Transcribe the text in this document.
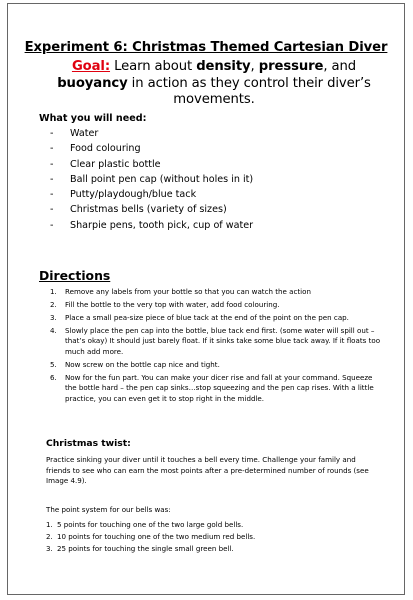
Experiment 6: Christmas Themed Cartesian Diver
Goal: Learn about density, pressure, and buoyancy in action as they control their diver’s movements.
What you will need:
- Water
- Food colouring
- Clear plastic bottle
- Ball point pen cap (without holes in it)
- Putty/playdough/blue tack
- Christmas bells (variety of sizes)
- Sharpie pens, tooth pick, cup of water
Directions
1. Remove any labels from your bottle so that you can watch the action
2. Fill the bottle to the very top with water, add food colouring.
3. Place a small pea-size piece of blue tack at the end of the point on the pen cap.
4. Slowly place the pen cap into the bottle, blue tack end first. (some water will spill out – that’s okay) It should just barely float. If it sinks take some blue tack away. If it floats too much add more.
5. Now screw on the bottle cap nice and tight.
6. Now for the fun part. You can make your dicer rise and fall at your command. Squeeze the bottle hard – the pen cap sinks…stop squeezing and the pen cap rises. With a little practice, you can even get it to stop right in the middle.
Christmas twist:
Practice sinking your diver until it touches a bell every time. Challenge your family and friends to see who can earn the most points after a pre-determined number of rounds (see Image 4.9).
The point system for our bells was:
1. 5 points for touching one of the two large gold bells.
2. 10 points for touching one of the two medium red bells.
3. 25 points for touching the single small green bell.
